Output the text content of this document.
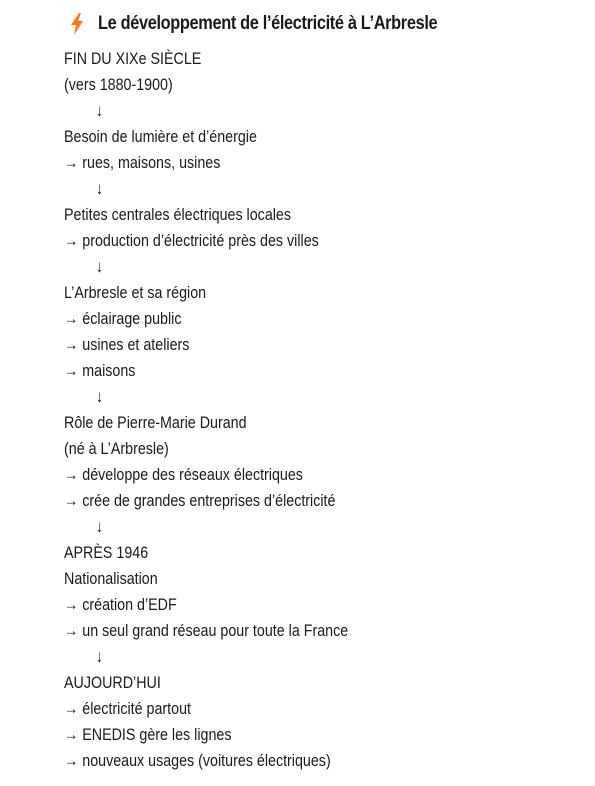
Le développement de l’électricité à L’Arbresle
FIN DU XIXe SIÈCLE
(vers 1880-1900)
↓
Besoin de lumière et d’énergie
→ rues, maisons, usines
↓
Petites centrales électriques locales
→ production d’électricité près des villes
↓
L’Arbresle et sa région
→ éclairage public
→ usines et ateliers
→ maisons
↓
Rôle de Pierre-Marie Durand
(né à L’Arbresle)
→ développe des réseaux électriques
→ crée de grandes entreprises d’électricité
↓
APRÈS 1946
Nationalisation
→ création d’EDF
→ un seul grand réseau pour toute la France
↓
AUJOURD’HUI
→ électricité partout
→ ENEDIS gère les lignes
→ nouveaux usages (voitures électriques)
